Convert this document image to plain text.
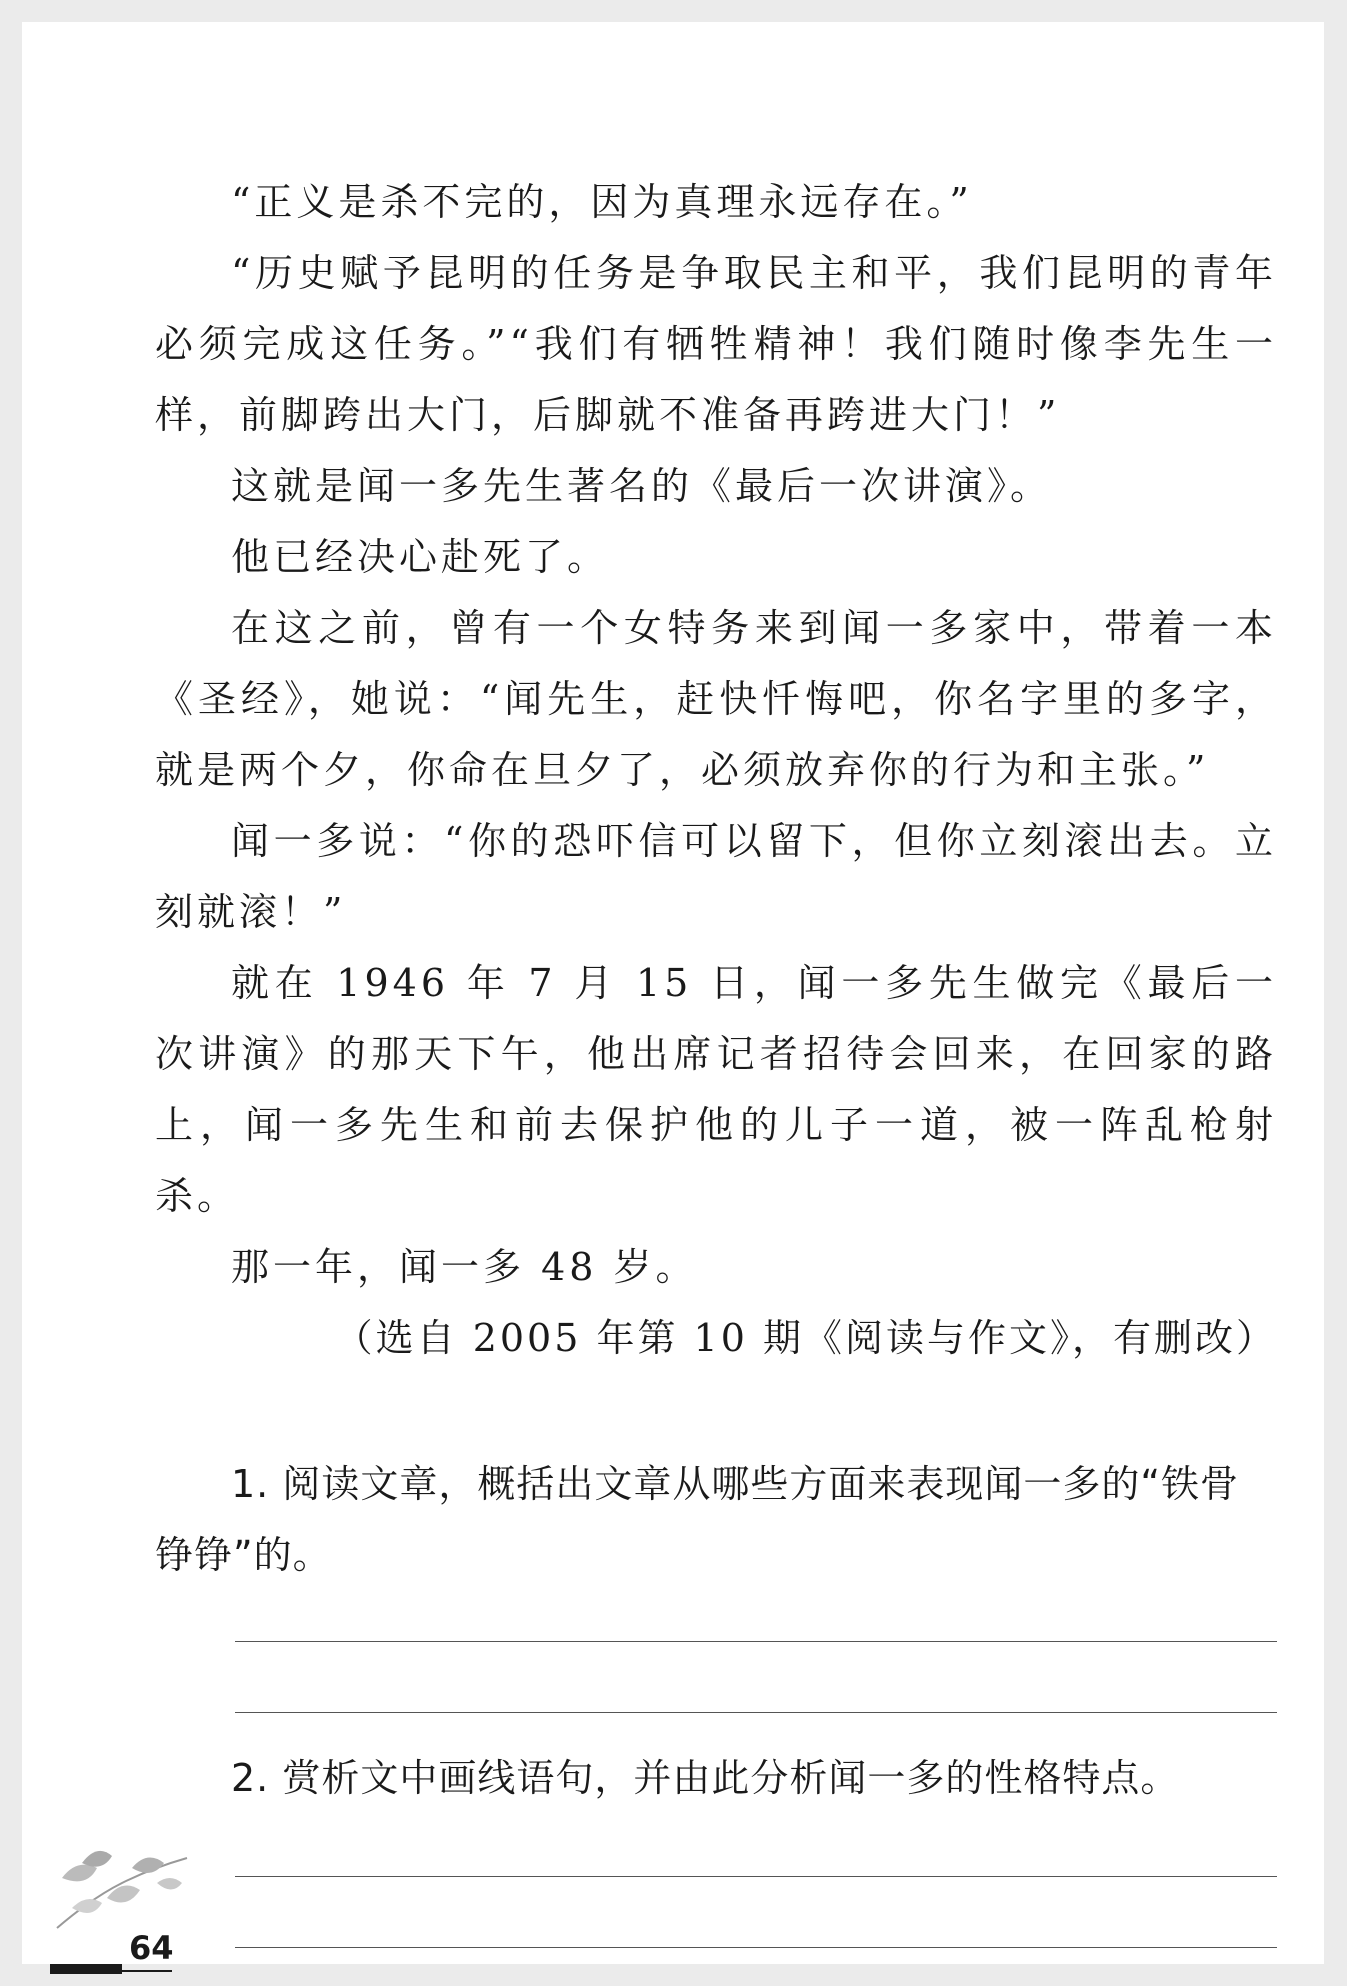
“正义是杀不完的，因为真理永远存在。”

“历史赋予昆明的任务是争取民主和平，我们昆明的青年必须完成这任务。”“我们有牺牲精神！我们随时像李先生一样，前脚跨出大门，后脚就不准备再跨进大门！”

这就是闻一多先生著名的《最后一次讲演》。

他已经决心赴死了。

在这之前，曾有一个女特务来到闻一多家中，带着一本《圣经》，她说：“闻先生，赶快忏悔吧，你名字里的多字，就是两个夕，你命在旦夕了，必须放弃你的行为和主张。”

闻一多说：“你的恐吓信可以留下，但你立刻滚出去。立刻就滚！”

就在 1946 年 7 月 15 日，闻一多先生做完《最后一次讲演》的那天下午，他出席记者招待会回来，在回家的路上，闻一多先生和前去保护他的儿子一道，被一阵乱枪射杀。

那一年，闻一多 48 岁。

（选自 2005 年第 10 期《阅读与作文》，有删改）

1. 阅读文章，概括出文章从哪些方面来表现闻一多的“铁骨铮铮”的。

2. 赏析文中画线语句，并由此分析闻一多的性格特点。

64
